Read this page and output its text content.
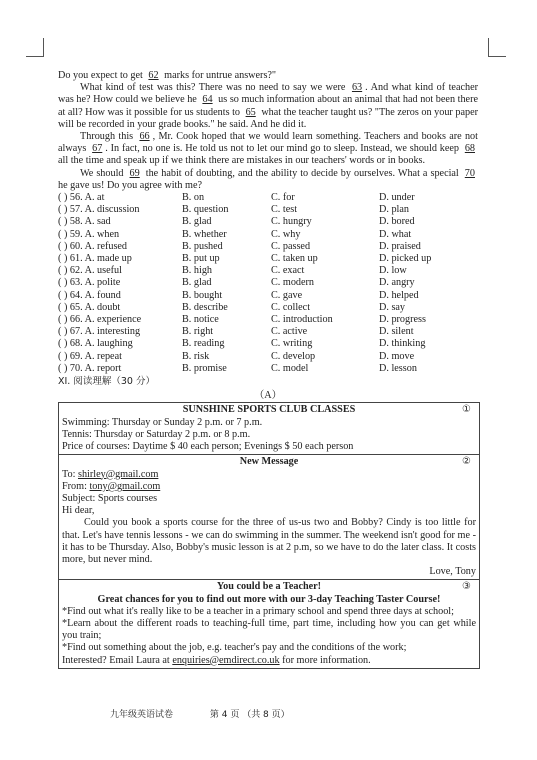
Do you expect to get 62 marks for untrue answers?"

What kind of test was this? There was no need to say we were 63 . And what kind of teacher was he? How could we believe he 64 us so much information about an animal that had not been there at all? How was it possible for us students to 65 what the teacher taught us? "The zeros on your paper will be recorded in your grade books." he said. And he did it.

Through this 66 , Mr. Cook hoped that we would learn something. Teachers and books are not always 67 . In fact, no one is. He told us not to let our mind go to sleep. Instead, we should keep 68 all the time and speak up if we think there are mistakes in our teachers' words or in books.

We should 69 the habit of doubting, and the ability to decide by ourselves. What a special 70 he gave us! Do you agree with me?

( ) 56. A. at	B. on	C. for	D. under
( ) 57. A. discussion	B. question	C. test	D. plan
( ) 58. A. sad	B. glad	C. hungry	D. bored
( ) 59. A. when	B. whether	C. why	D. what
( ) 60. A. refused	B. pushed	C. passed	D. praised
( ) 61. A. made up	B. put up	C. taken up	D. picked up
( ) 62. A. useful	B. high	C. exact	D. low
( ) 63. A. polite	B. glad	C. modern	D. angry
( ) 64. A. found	B. bought	C. gave	D. helped
( ) 65. A. doubt	B. describe	C. collect	D. say
( ) 66. A. experience	B. notice	C. introduction	D. progress
( ) 67. A. interesting	B. right	C. active	D. silent
( ) 68. A. laughing	B. reading	C. writing	D. thinking
( ) 69. A. repeat	B. risk	C. develop	D. move
( ) 70. A. report	B. promise	C. model	D. lesson
XI. 阅读理解（30 分）
（A）
SUNSHINE SPORTS CLUB CLASSES	①
Swimming: Thursday or Sunday 2 p.m. or 7 p.m.
Tennis: Thursday or Saturday 2 p.m. or 8 p.m.
Price of courses: Daytime $ 40 each person; Evenings $ 50 each person
New Message	②
To: shirley@gmail.com
From: tony@gmail.com
Subject: Sports courses
Hi dear,

Could you book a sports course for the three of us-us two and Bobby? Cindy is too little for that. Let's have tennis lessons - we can do swimming in the summer. The weekend isn't good for me - it has to be Thursday. Also, Bobby's music lesson is at 2 p.m, so we have to do the later class. It costs more, but never mind.

Love, Tony
You could be a Teacher!	③
Great chances for you to find out more with our 3-day Teaching Taster Course!
*Find out what it's really like to be a teacher in a primary school and spend three days at school;
*Learn about the different roads to teaching-full time, part time, including how you can get while you train;
*Find out something about the job, e.g. teacher's pay and the conditions of the work;
Interested? Email Laura at enquiries@emdirect.co.uk for more information.
九年级英语试卷	第 4 页 （共 8 页）
